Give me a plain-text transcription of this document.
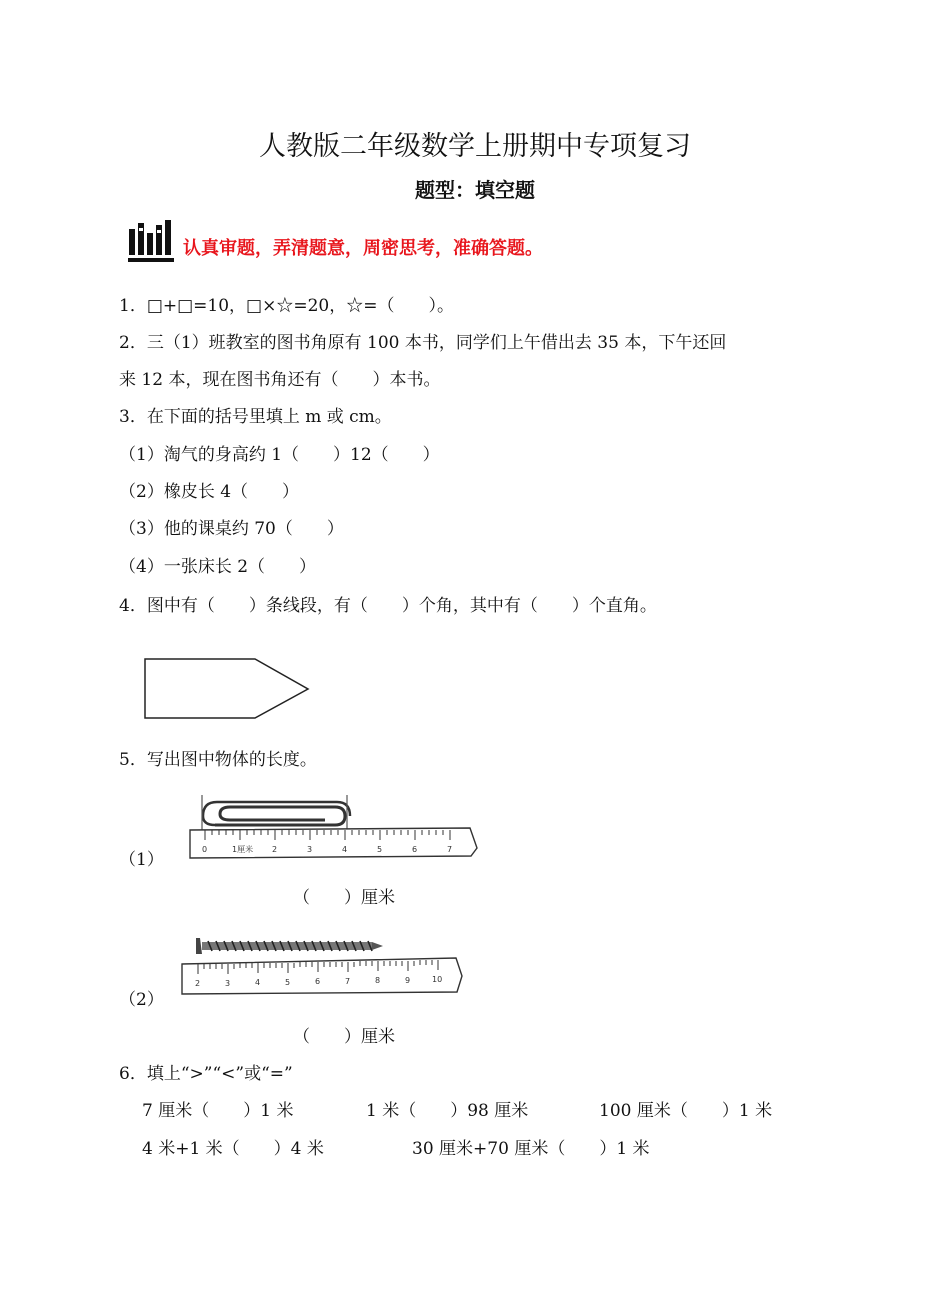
人教版二年级数学上册期中专项复习
题型：填空题
认真审题，弄清题意，周密思考，准确答题。
1．□+□=10，□×☆=20，☆=（　　）。
2．三（1）班教室的图书角原有 100 本书，同学们上午借出去 35 本，下午还回
来 12 本，现在图书角还有（　　）本书。
3．在下面的括号里填上 m 或 cm。
（1）淘气的身高约 1（　　）12（　　）
（2）橡皮长 4（　　）
（3）他的课桌约 70（　　）
（4）一张床长 2（　　）
4．图中有（　　）条线段，有（　　）个角，其中有（　　）个直角。
5．写出图中物体的长度。
0	1厘米 2	3	4	5	6	7
（1）
（　　）厘米
2	3	4	5	6	7	8	9	10
（2）
（　　）厘米
6．填上“>”“<”或“=”
7 厘米（　　）1 米	1 米（　　）98 厘米	100 厘米（　　）1 米
4 米+1 米（　　）4 米	30 厘米+70 厘米（　　）1 米
